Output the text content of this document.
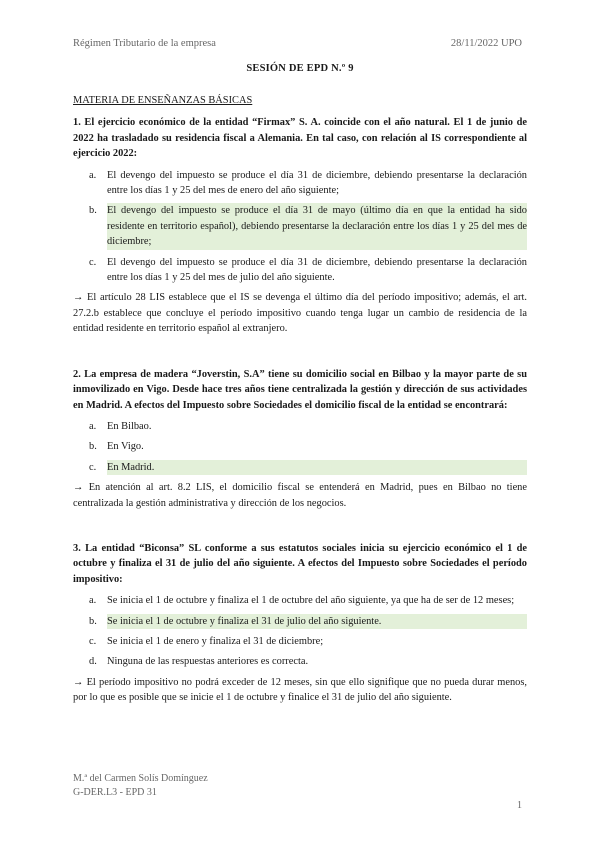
Régimen Tributario de la empresa	28/11/2022 UPO
SESIÓN DE EPD N.º 9
MATERIA DE ENSEÑANZAS BÁSICAS
1. El ejercicio económico de la entidad “Firmax” S. A. coincide con el año natural. El 1 de junio de 2022 ha trasladado su residencia fiscal a Alemania. En tal caso, con relación al IS correspondiente al ejercicio 2022:
a.	El devengo del impuesto se produce el día 31 de diciembre, debiendo presentarse la declaración entre los días 1 y 25 del mes de enero del año siguiente;
b. El devengo del impuesto se produce el día 31 de mayo (último día en que la entidad ha sido residente en territorio español), debiendo presentarse la declaración entre los días 1 y 25 del mes de diciembre;
c.	El devengo del impuesto se produce el día 31 de diciembre, debiendo presentarse la declaración entre los días 1 y 25 del mes de julio del año siguiente.
→ El artículo 28 LIS establece que el IS se devenga el último día del período impositivo; además, el art. 27.2.b establece que concluye el período impositivo cuando tenga lugar un cambio de residencia de la entidad residente en territorio español al extranjero.
2. La empresa de madera “Joverstin, S.A” tiene su domicilio social en Bilbao y la mayor parte de su inmovilizado en Vigo. Desde hace tres años tiene centralizada la gestión y dirección de sus actividades en Madrid. A efectos del Impuesto sobre Sociedades el domicilio fiscal de la entidad se encontrará:
a.	En Bilbao.
b. En Vigo.
c.	En Madrid.
→ En atención al art. 8.2 LIS, el domicilio fiscal se entenderá en Madrid, pues en Bilbao no tiene centralizada la gestión administrativa y dirección de los negocios.
3. La entidad “Biconsa” SL conforme a sus estatutos sociales inicia su ejercicio económico el 1 de octubre y finaliza el 31 de julio del año siguiente. A efectos del Impuesto sobre Sociedades el período impositivo:
a.	Se inicia el 1 de octubre y finaliza el 1 de octubre del año siguiente, ya que ha de ser de 12 meses;
b. Se inicia el 1 de octubre y finaliza el 31 de julio del año siguiente.
c.	Se inicia el 1 de enero y finaliza el 31 de diciembre;
d. Ninguna de las respuestas anteriores es correcta.
→ El período impositivo no podrá exceder de 12 meses, sin que ello signifique que no pueda durar menos, por lo que es posible que se inicie el 1 de octubre y finalice el 31 de julio del año siguiente.
M.ª del Carmen Solís Domínguez
G-DER.L3 - EPD 31
1
